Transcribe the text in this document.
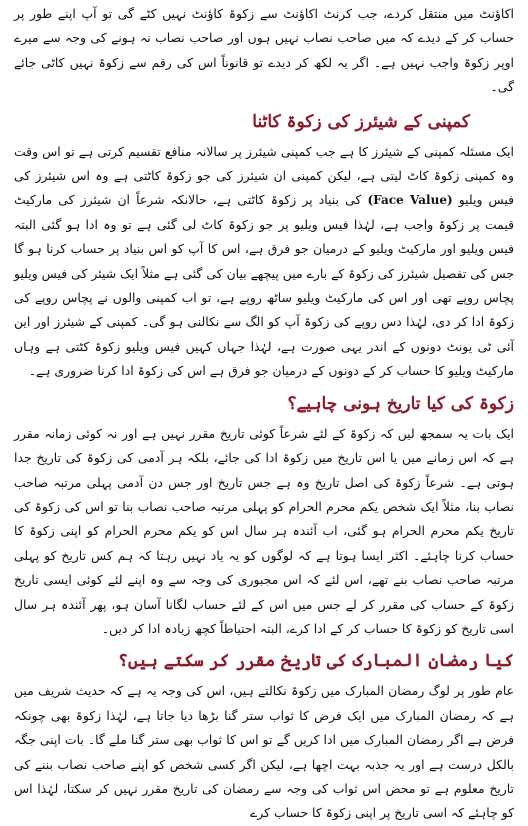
اکاؤنٹ میں منتقل کردے، جب کرنٹ اکاؤنٹ سے زکوۃ کاؤنٹ نہیں کٹے گی تو آپ اپنے طور پر حساب کر کے دیدے کہ میں صاحب نصاب نہیں ہوں اور صاحب نصاب نہ ہونے کی وجہ سے میرے اوپر زکوۃ واجب نہیں ہے۔ اگر یہ لکھ کر دیدے تو قانوناً اس کی رقم سے زکوۃ نہیں کاٹی جائے گی۔

کمپنی کے شیئرز کی زکوۃ کاٹنا

ایک مسئلہ کمپنی کے شیئرز کا ہے جب کمپنی شیئرز پر سالانہ منافع تقسیم کرتی ہے تو اس وقت وہ کمپنی زکوۃ کاٹ لیتی ہے، لیکن کمپنی ان شیئرز کی جو زکوۃ کاٹتی ہے وہ اس شیئرز کی فیس ویلیو (Face Value) کی بنیاد پر زکوۃ کاٹتی ہے، حالانکہ شرعاً ان شیئرز کی مارکیٹ قیمت پر زکوۃ واجب ہے، لہٰذا فیس ویلیو پر جو زکوۃ کاٹ لی گئی ہے تو وہ ادا ہو گئی البتہ فیس ویلیو اور مارکیٹ ویلیو کے درمیان جو فرق ہے، اس کا آپ کو اس بنیاد پر حساب کرنا ہو گا جس کی تفصیل شیئرز کی زکوۃ کے بارے میں پیچھے بیان کی گئی ہے مثلاً ایک شیئر کی فیس ویلیو پچاس روپے تھی اور اس کی مارکیٹ ویلیو ساٹھ روپے ہے، تو اب کمپنی والوں نے پچاس روپے کی زکوۃ ادا کر دی، لہٰذا دس روپے کی زکوۃ آپ کو الگ سے نکالنی ہو گی۔ کمپنی کے شیئرز اور این آئی ٹی یونٹ دونوں کے اندر یہی صورت ہے، لہٰذا جہاں کہیں فیس ویلیو زکوۃ کٹتی ہے وہاں مارکیٹ ویلیو کا حساب کر کے دونوں کے درمیان جو فرق ہے اس کی زکوۃ ادا کرنا ضروری ہے۔

زکوۃ کی کیا تاریخ ہونی چاہیے؟

ایک بات یہ سمجھ لیں کہ زکوۃ کے لئے شرعاً کوئی تاریخ مقرر نہیں ہے اور نہ کوئی زمانہ مقرر ہے کہ اس زمانے میں یا اس تاریخ میں زکوۃ ادا کی جائے، بلکہ ہر آدمی کی زکوۃ کی تاریخ جدا ہوتی ہے۔ شرعاً زکوۃ کی اصل تاریخ وہ ہے جس تاریخ اور جس دن آدمی پہلی مرتبہ صاحب نصاب بنا، مثلاً ایک شخص یکم محرم الحرام کو پہلی مرتبہ صاحب نصاب بنا تو اس کی زکوۃ کی تاریخ یکم محرم الحرام ہو گئی، اب آئندہ ہر سال اس کو یکم محرم الحرام کو اپنی زکوۃ کا حساب کرنا چاہئے۔ اکثر ایسا ہوتا ہے کہ لوگوں کو یہ یاد نہیں رہتا کہ ہم کس تاریخ کو پہلی مرتبہ صاحب نصاب بنے تھے، اس لئے کہ اس مجبوری کی وجہ سے وہ اپنے لئے کوئی ایسی تاریخ زکوۃ کے حساب کی مقرر کر لے جس میں اس کے لئے حساب لگانا آسان ہو، پھر آئندہ ہر سال اسی تاریخ کو زکوۃ کا حساب کر کے ادا کرے، البتہ احتیاطاً کچھ زیادہ ادا کر دیں۔

کیا رمضان المبارک کی تاریخ مقرر کر سکتے ہیں؟

عام طور پر لوگ رمضان المبارک میں زکوۃ نکالتے ہیں، اس کی وجہ یہ ہے کہ حدیث شریف میں ہے کہ رمضان المبارک میں ایک فرض کا ثواب ستر گنا بڑھا دیا جاتا ہے، لہٰذا زکوۃ بھی چونکہ فرض ہے اگر رمضان المبارک میں ادا کریں گے تو اس کا ثواب بھی ستر گنا ملے گا۔ بات اپنی جگہ بالکل درست ہے اور یہ جذبہ بہت اچھا ہے، لیکن اگر کسی شخص کو اپنے صاحب نصاب بننے کی تاریخ معلوم ہے تو محض اس ثواب کی وجہ سے رمضان کی تاریخ مقرر نہیں کر سکتا، لہٰذا اس کو چاہئے کہ اسی تاریخ پر اپنی زکوۃ کا حساب کرے
